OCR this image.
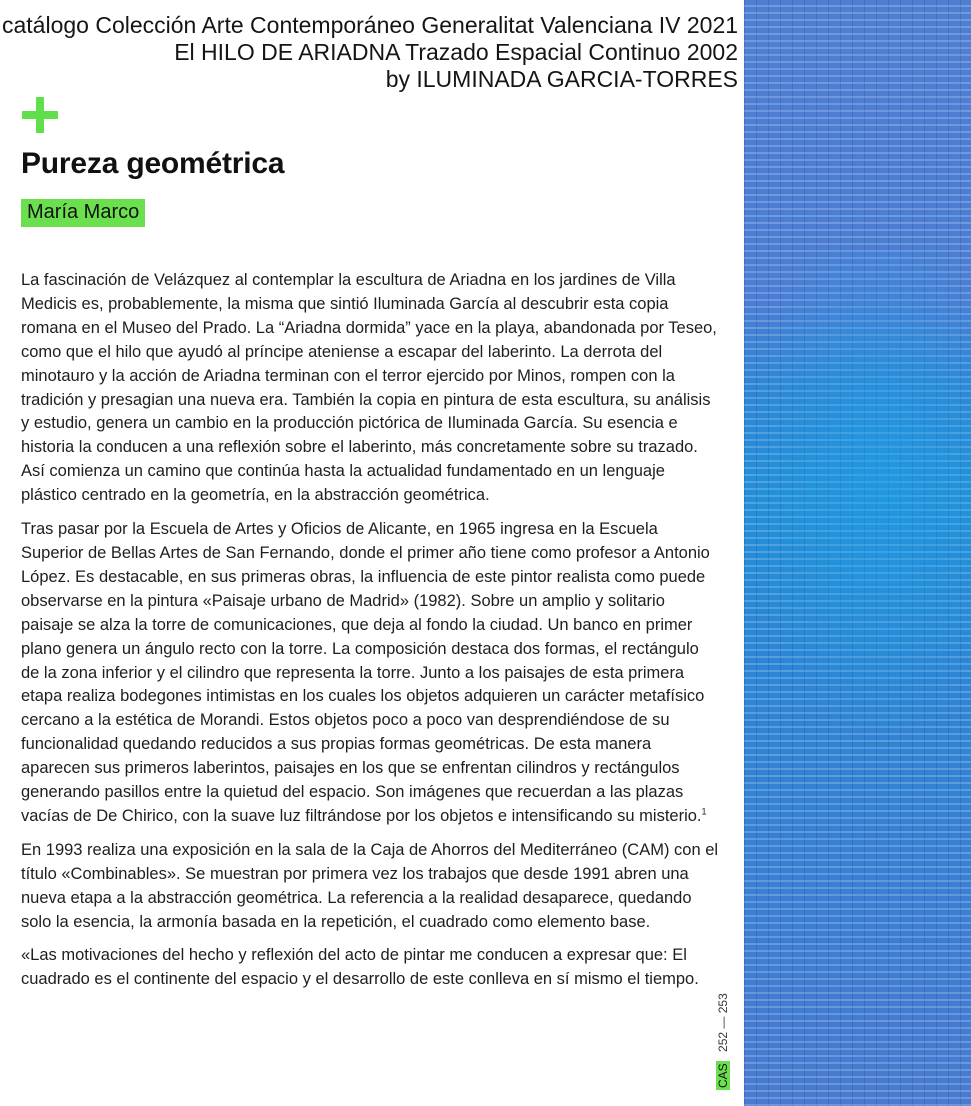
catálogo Colección Arte Contemporáneo Generalitat Valenciana IV 2021
El HILO DE ARIADNA Trazado Espacial Continuo 2002
by ILUMINADA GARCIA-TORRES
Pureza geométrica
María Marco

La fascinación de Velázquez al contemplar la escultura de Ariadna en los jardines de Villa Medicis es, probablemente, la misma que sintió Iluminada García al descubrir esta copia romana en el Museo del Prado. La “Ariadna dormida” yace en la playa, abandonada por Teseo, como que el hilo que ayudó al príncipe ateniense a escapar del laberinto. La derrota del minotauro y la acción de Ariadna terminan con el terror ejercido por Minos, rompen con la tradición y presagian una nueva era. También la copia en pintura de esta escultura, su análisis y estudio, genera un cambio en la producción pictórica de Iluminada García. Su esencia e historia la conducen a una reflexión sobre el laberinto, más concretamente sobre su trazado. Así comienza un camino que continúa hasta la actualidad fundamentado en un lenguaje plástico centrado en la geometría, en la abstracción geométrica.

Tras pasar por la Escuela de Artes y Oficios de Alicante, en 1965 ingresa en la Escuela Superior de Bellas Artes de San Fernando, donde el primer año tiene como profesor a Antonio López. Es destacable, en sus primeras obras, la influencia de este pintor realista como puede observarse en la pintura «Paisaje urbano de Madrid» (1982). Sobre un amplio y solitario paisaje se alza la torre de comunicaciones, que deja al fondo la ciudad. Un banco en primer plano genera un ángulo recto con la torre. La composición destaca dos formas, el rectángulo de la zona inferior y el cilindro que representa la torre. Junto a los paisajes de esta primera etapa realiza bodegones intimistas en los cuales los objetos adquieren un carácter metafísico cercano a la estética de Morandi. Estos objetos poco a poco van desprendiéndose de su funcionalidad quedando reducidos a sus propias formas geométricas. De esta manera aparecen sus primeros laberintos, paisajes en los que se enfrentan cilindros y rectángulos generando pasillos entre la quietud del espacio. Son imágenes que recuerdan a las plazas vacías de De Chirico, con la suave luz filtrándose por los objetos e intensificando su misterio.$^1$

En 1993 realiza una exposición en la sala de la Caja de Ahorros del Mediterráneo (CAM) con el título «Combinables». Se muestran por primera vez los trabajos que desde 1991 abren una nueva etapa a la abstracción geométrica. La referencia a la realidad desaparece, quedando solo la esencia, la armonía basada en la repetición, el cuadrado como elemento base.

«Las motivaciones del hecho y reflexión del acto de pintar me conducen a expresar que: El cuadrado es el continente del espacio y el desarrollo de este conlleva en sí mismo el tiempo.

CAS 252 — 253
